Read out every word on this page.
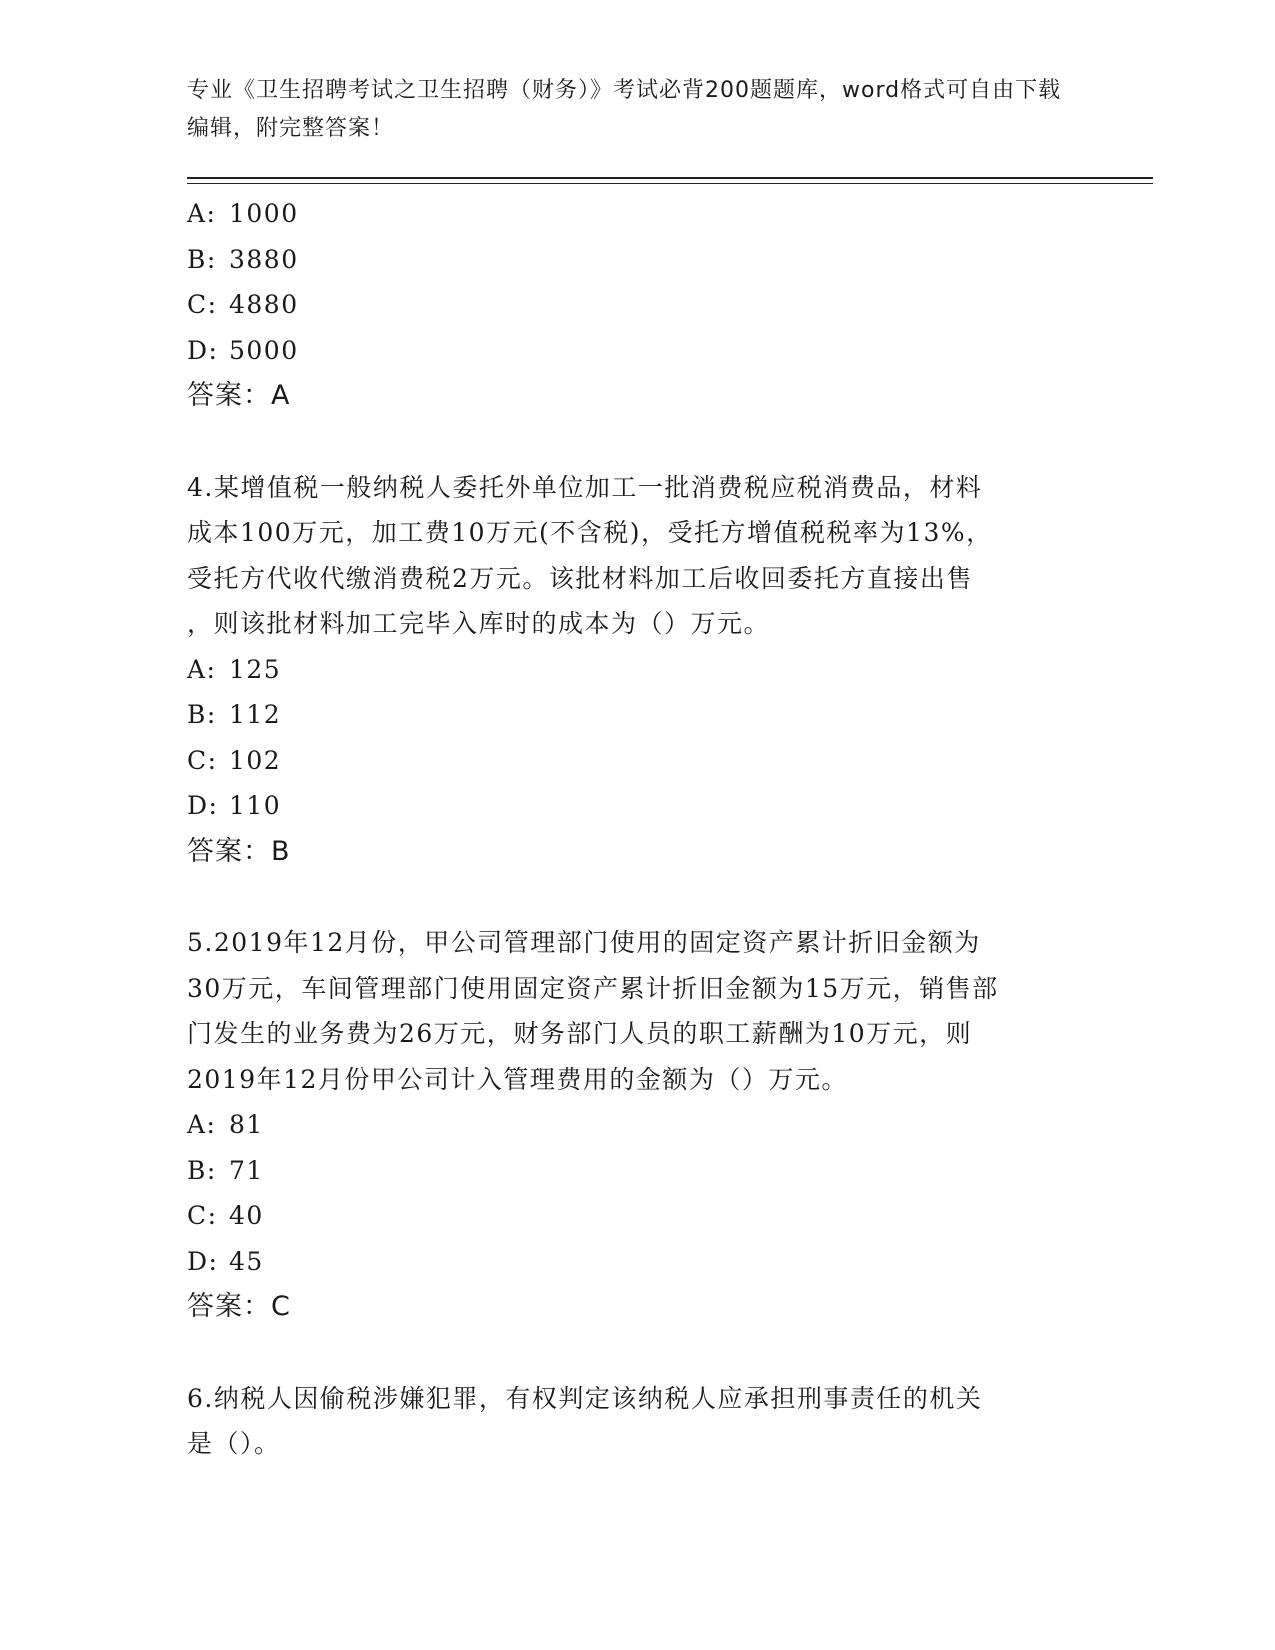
专业《卫生招聘考试之卫生招聘（财务）》考试必背200题题库，word格式可自由下载编辑，附完整答案！
A: 1000
B: 3880
C: 4880
D: 5000
答案：A
4.某增值税一般纳税人委托外单位加工一批消费税应税消费品，材料
成本100万元，加工费10万元(不含税)，受托方增值税税率为13%，
受托方代收代缴消费税2万元。该批材料加工后收回委托方直接出售
，则该批材料加工完毕入库时的成本为（）万元。
A: 125
B: 112
C: 102
D: 110
答案：B
5.2019年12月份，甲公司管理部门使用的固定资产累计折旧金额为
30万元，车间管理部门使用固定资产累计折旧金额为15万元，销售部
门发生的业务费为26万元，财务部门人员的职工薪酬为10万元，则
2019年12月份甲公司计入管理费用的金额为（）万元。
A: 81
B: 71
C: 40
D: 45
答案：C
6.纳税人因偷税涉嫌犯罪，有权判定该纳税人应承担刑事责任的机关
是（）。
